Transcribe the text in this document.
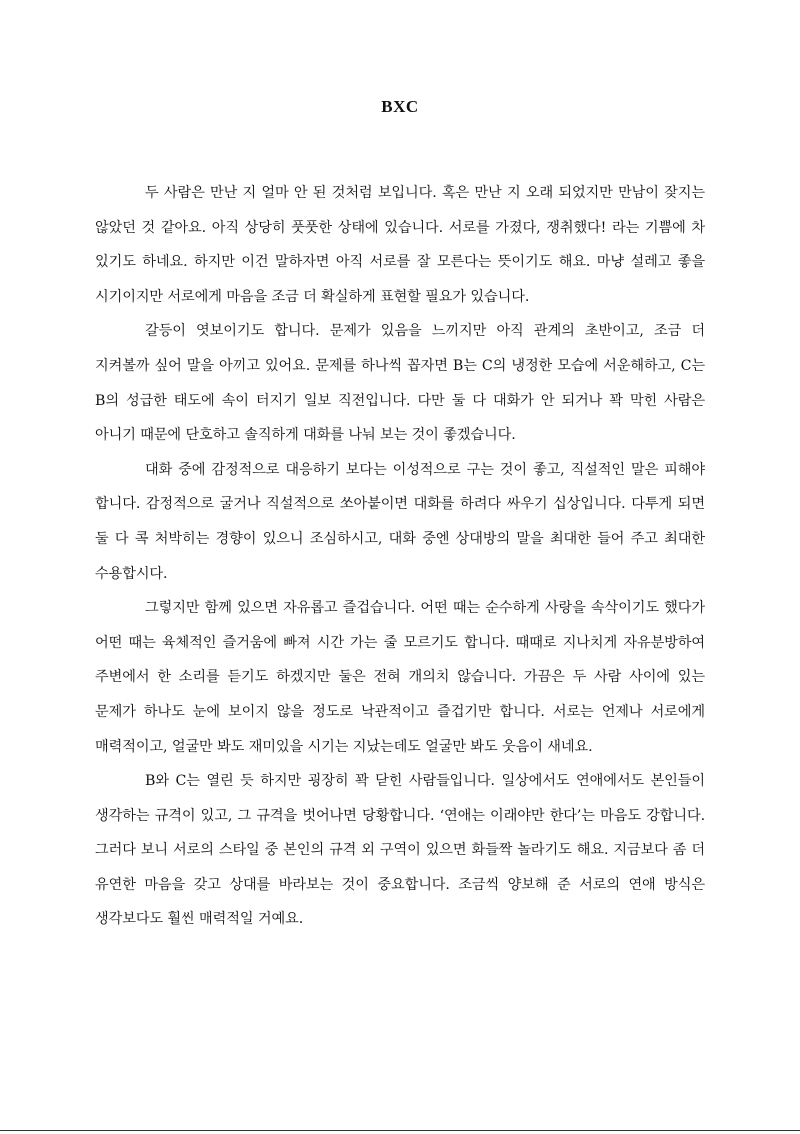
BXC

두 사람은 만난 지 얼마 안 된 것처럼 보입니다. 혹은 만난 지 오래 되었지만 만남이 잦지는 않았던 것 같아요. 아직 상당히 풋풋한 상태에 있습니다. 서로를 가졌다, 쟁취했다! 라는 기쁨에 차 있기도 하네요. 하지만 이건 말하자면 아직 서로를 잘 모른다는 뜻이기도 해요. 마냥 설레고 좋을 시기이지만 서로에게 마음을 조금 더 확실하게 표현할 필요가 있습니다.

갈등이 엿보이기도 합니다. 문제가 있음을 느끼지만 아직 관계의 초반이고, 조금 더 지켜볼까 싶어 말을 아끼고 있어요. 문제를 하나씩 꼽자면 B는 C의 냉정한 모습에 서운해하고, C는 B의 성급한 태도에 속이 터지기 일보 직전입니다. 다만 둘 다 대화가 안 되거나 꽉 막힌 사람은 아니기 때문에 단호하고 솔직하게 대화를 나눠 보는 것이 좋겠습니다.

대화 중에 감정적으로 대응하기 보다는 이성적으로 구는 것이 좋고, 직설적인 말은 피해야 합니다. 감정적으로 굴거나 직설적으로 쏘아붙이면 대화를 하려다 싸우기 십상입니다. 다투게 되면 둘 다 콕 처박히는 경향이 있으니 조심하시고, 대화 중엔 상대방의 말을 최대한 들어 주고 최대한 수용합시다.

그렇지만 함께 있으면 자유롭고 즐겁습니다. 어떤 때는 순수하게 사랑을 속삭이기도 했다가 어떤 때는 육체적인 즐거움에 빠져 시간 가는 줄 모르기도 합니다. 때때로 지나치게 자유분방하여 주변에서 한 소리를 듣기도 하겠지만 둘은 전혀 개의치 않습니다. 가끔은 두 사람 사이에 있는 문제가 하나도 눈에 보이지 않을 정도로 낙관적이고 즐겁기만 합니다. 서로는 언제나 서로에게 매력적이고, 얼굴만 봐도 재미있을 시기는 지났는데도 얼굴만 봐도 웃음이 새네요.

B와 C는 열린 듯 하지만 굉장히 꽉 닫힌 사람들입니다. 일상에서도 연애에서도 본인들이 생각하는 규격이 있고, 그 규격을 벗어나면 당황합니다. ‘연애는 이래야만 한다’는 마음도 강합니다. 그러다 보니 서로의 스타일 중 본인의 규격 외 구역이 있으면 화들짝 놀라기도 해요. 지금보다 좀 더 유연한 마음을 갖고 상대를 바라보는 것이 중요합니다. 조금씩 양보해 준 서로의 연애 방식은 생각보다도 훨씬 매력적일 거예요.
